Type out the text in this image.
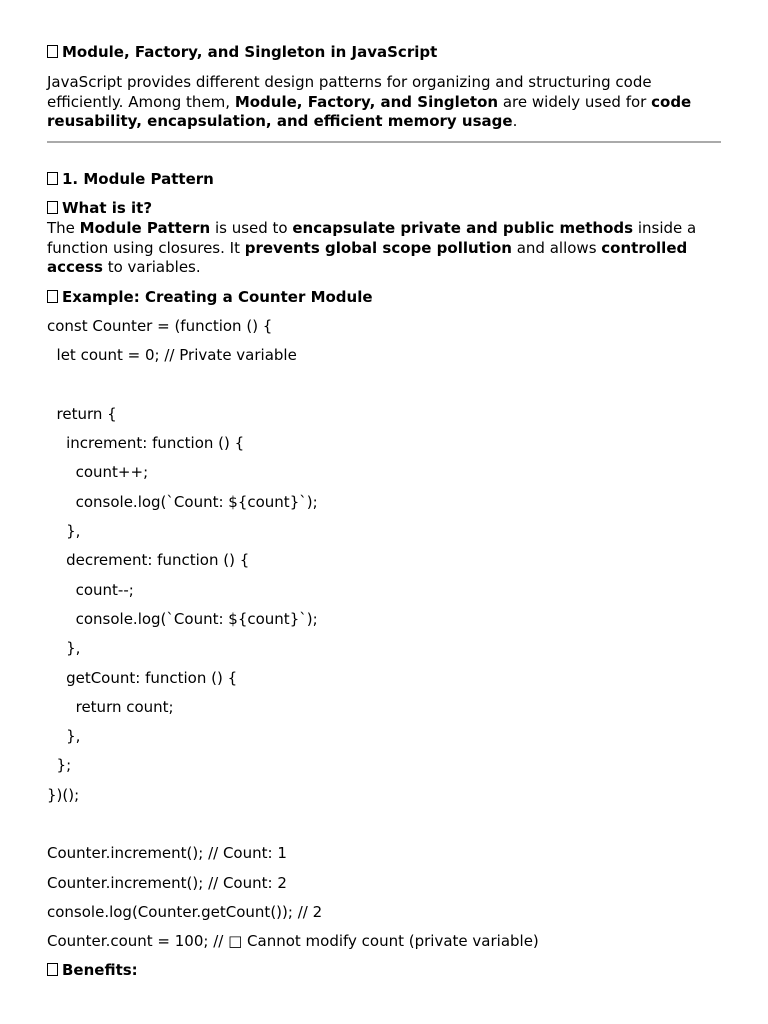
Module, Factory, and Singleton in JavaScript
JavaScript provides different design patterns for organizing and structuring code efficiently. Among them, Module, Factory, and Singleton are widely used for code reusability, encapsulation, and efficient memory usage.
1. Module Pattern
What is it?
The Module Pattern is used to encapsulate private and public methods inside a function using closures. It prevents global scope pollution and allows controlled access to variables.
Example: Creating a Counter Module
const Counter = (function () {
let count = 0; // Private variable
return {
increment: function () {
count++;
console.log(`Count: ${count}`);
},
decrement: function () {
count--;
console.log(`Count: ${count}`);
},
getCount: function () {
return count;
},
};
})();
Counter.increment(); // Count: 1
Counter.increment(); // Count: 2
console.log(Counter.getCount()); // 2
Counter.count = 100; // □ Cannot modify count (private variable)
Benefits:
